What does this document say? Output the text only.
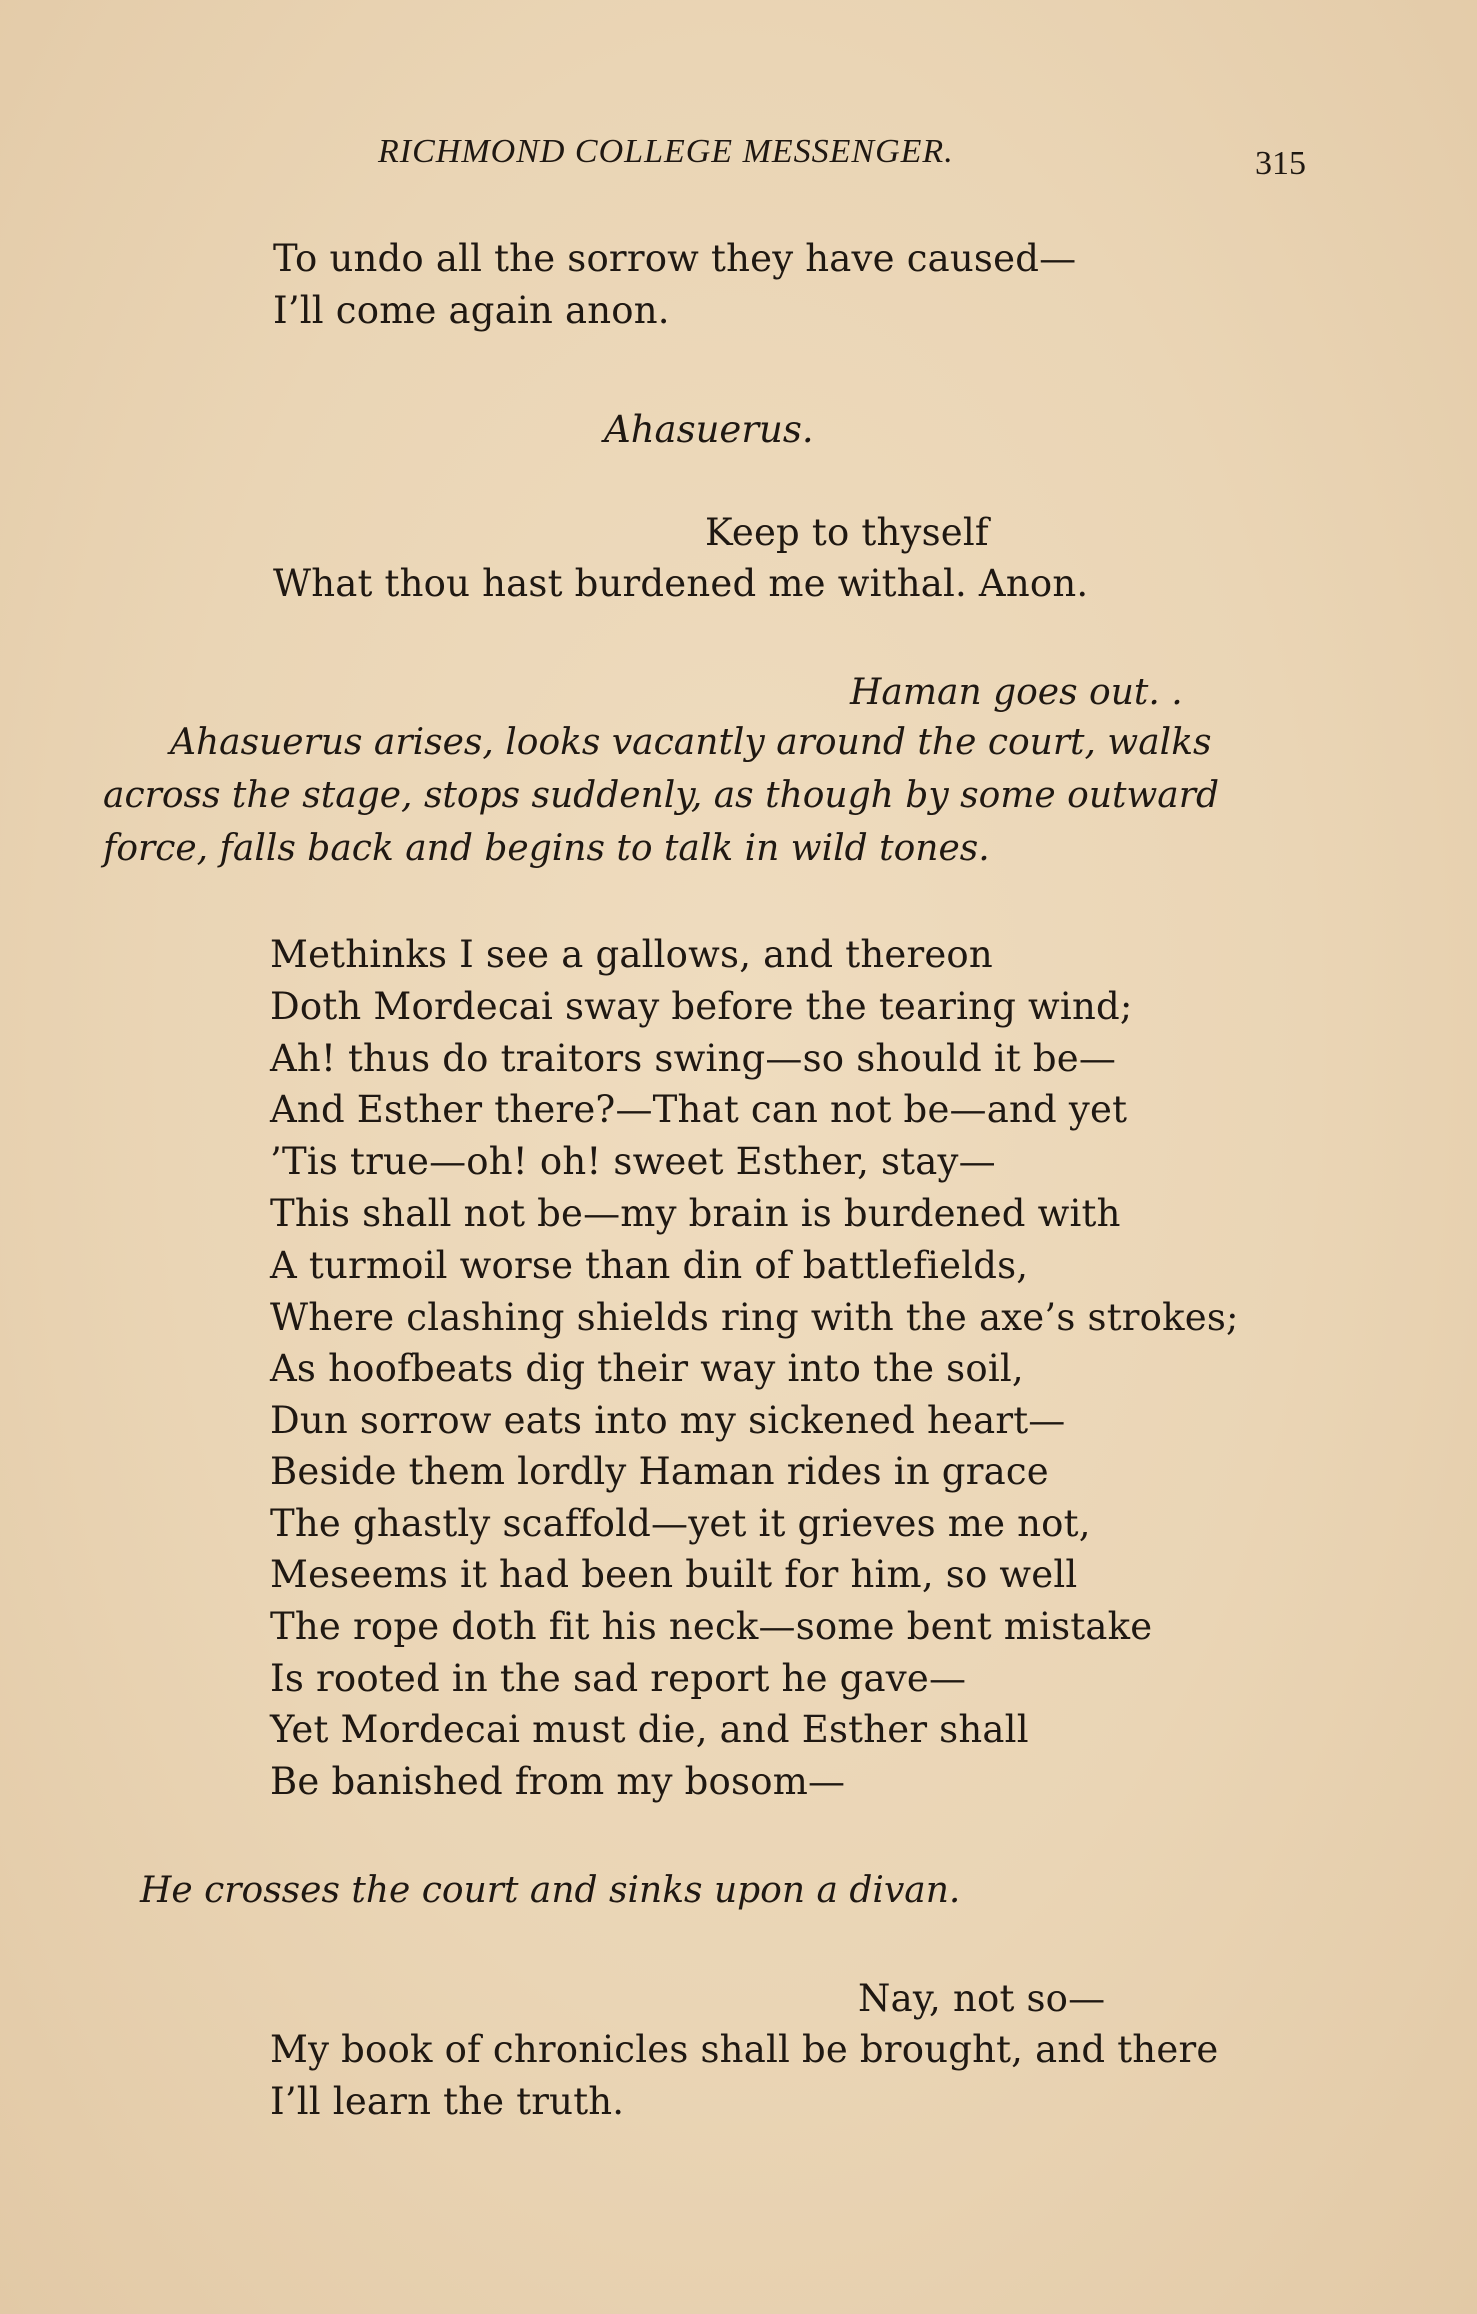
RICHMOND COLLEGE MESSENGER.	315
To undo all the sorrow they have caused—
I’ll come again anon.
Ahasuerus.
Keep to thyself
What thou hast burdened me withal. Anon.
Haman goes out. .
Ahasuerus arises, looks vacantly around the court, walks
across the stage, stops suddenly, as though by some outward
force, falls back and begins to talk in wild tones.
Methinks I see a gallows, and thereon
Doth Mordecai sway before the tearing wind;
Ah! thus do traitors swing—so should it be—
And Esther there?—That can not be—and yet
’Tis true—oh! oh! sweet Esther, stay—
This shall not be—my brain is burdened with
A turmoil worse than din of battlefields,
Where clashing shields ring with the axe’s strokes;
As hoofbeats dig their way into the soil,
Dun sorrow eats into my sickened heart—
Beside them lordly Haman rides in grace
The ghastly scaffold—yet it grieves me not,
Meseems it had been built for him, so well
The rope doth fit his neck—some bent mistake
Is rooted in the sad report he gave—
Yet Mordecai must die, and Esther shall
Be banished from my bosom—
He crosses the court and sinks upon a divan.
Nay, not so—
My book of chronicles shall be brought, and there
I’ll learn the truth.
